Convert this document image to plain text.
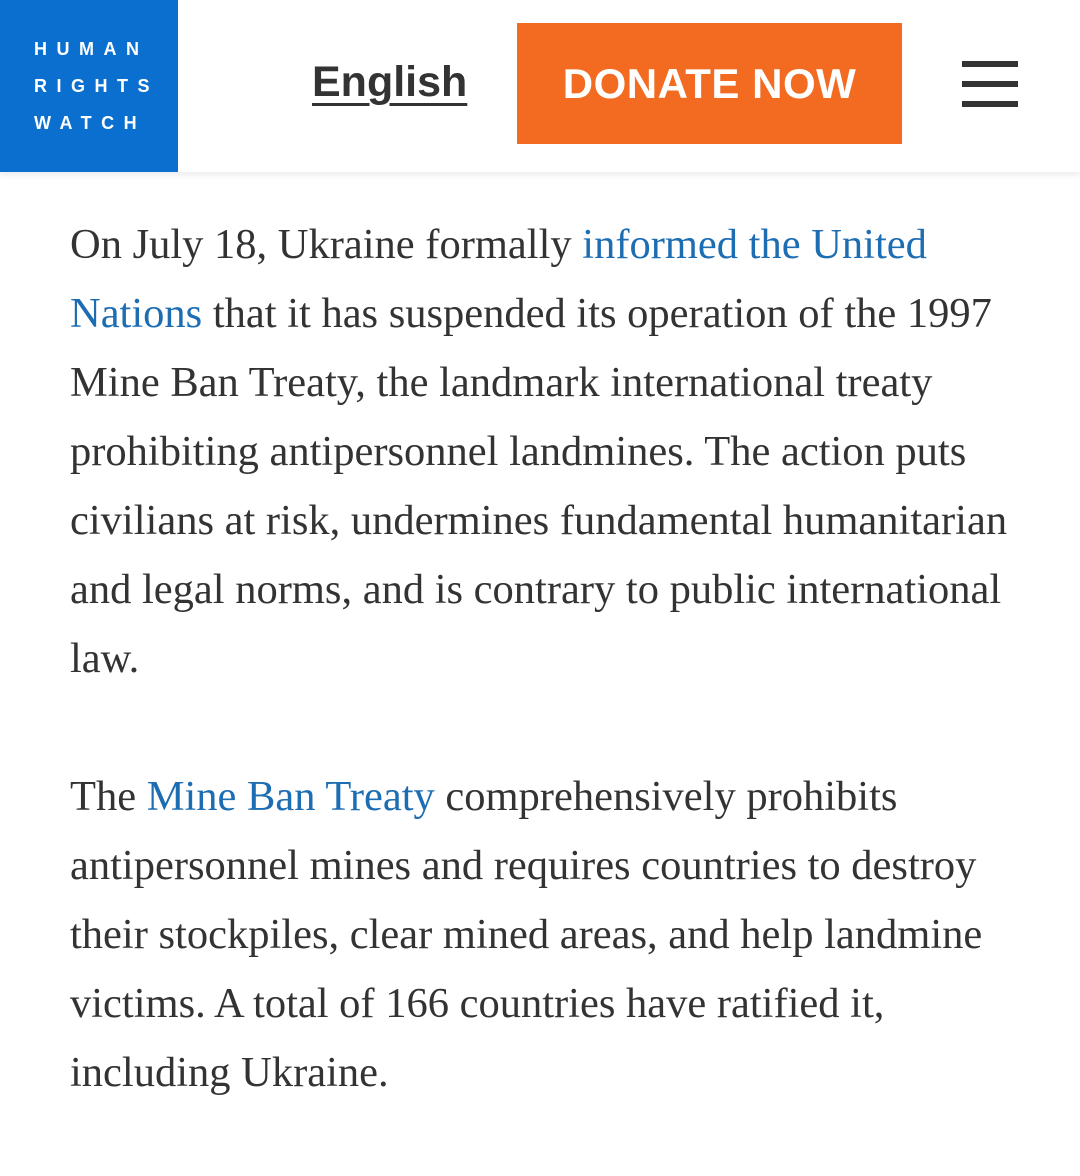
HUMAN
RIGHTS
WATCH
English	DONATE NOW

On July 18, Ukraine formally informed the United Nations that it has suspended its operation of the 1997 Mine Ban Treaty, the landmark international treaty prohibiting antipersonnel landmines. The action puts civilians at risk, undermines fundamental humanitarian and legal norms, and is contrary to public international law.

The Mine Ban Treaty comprehensively prohibits antipersonnel mines and requires countries to destroy their stockpiles, clear mined areas, and help landmine victims. A total of 166 countries have ratified it, including Ukraine.
